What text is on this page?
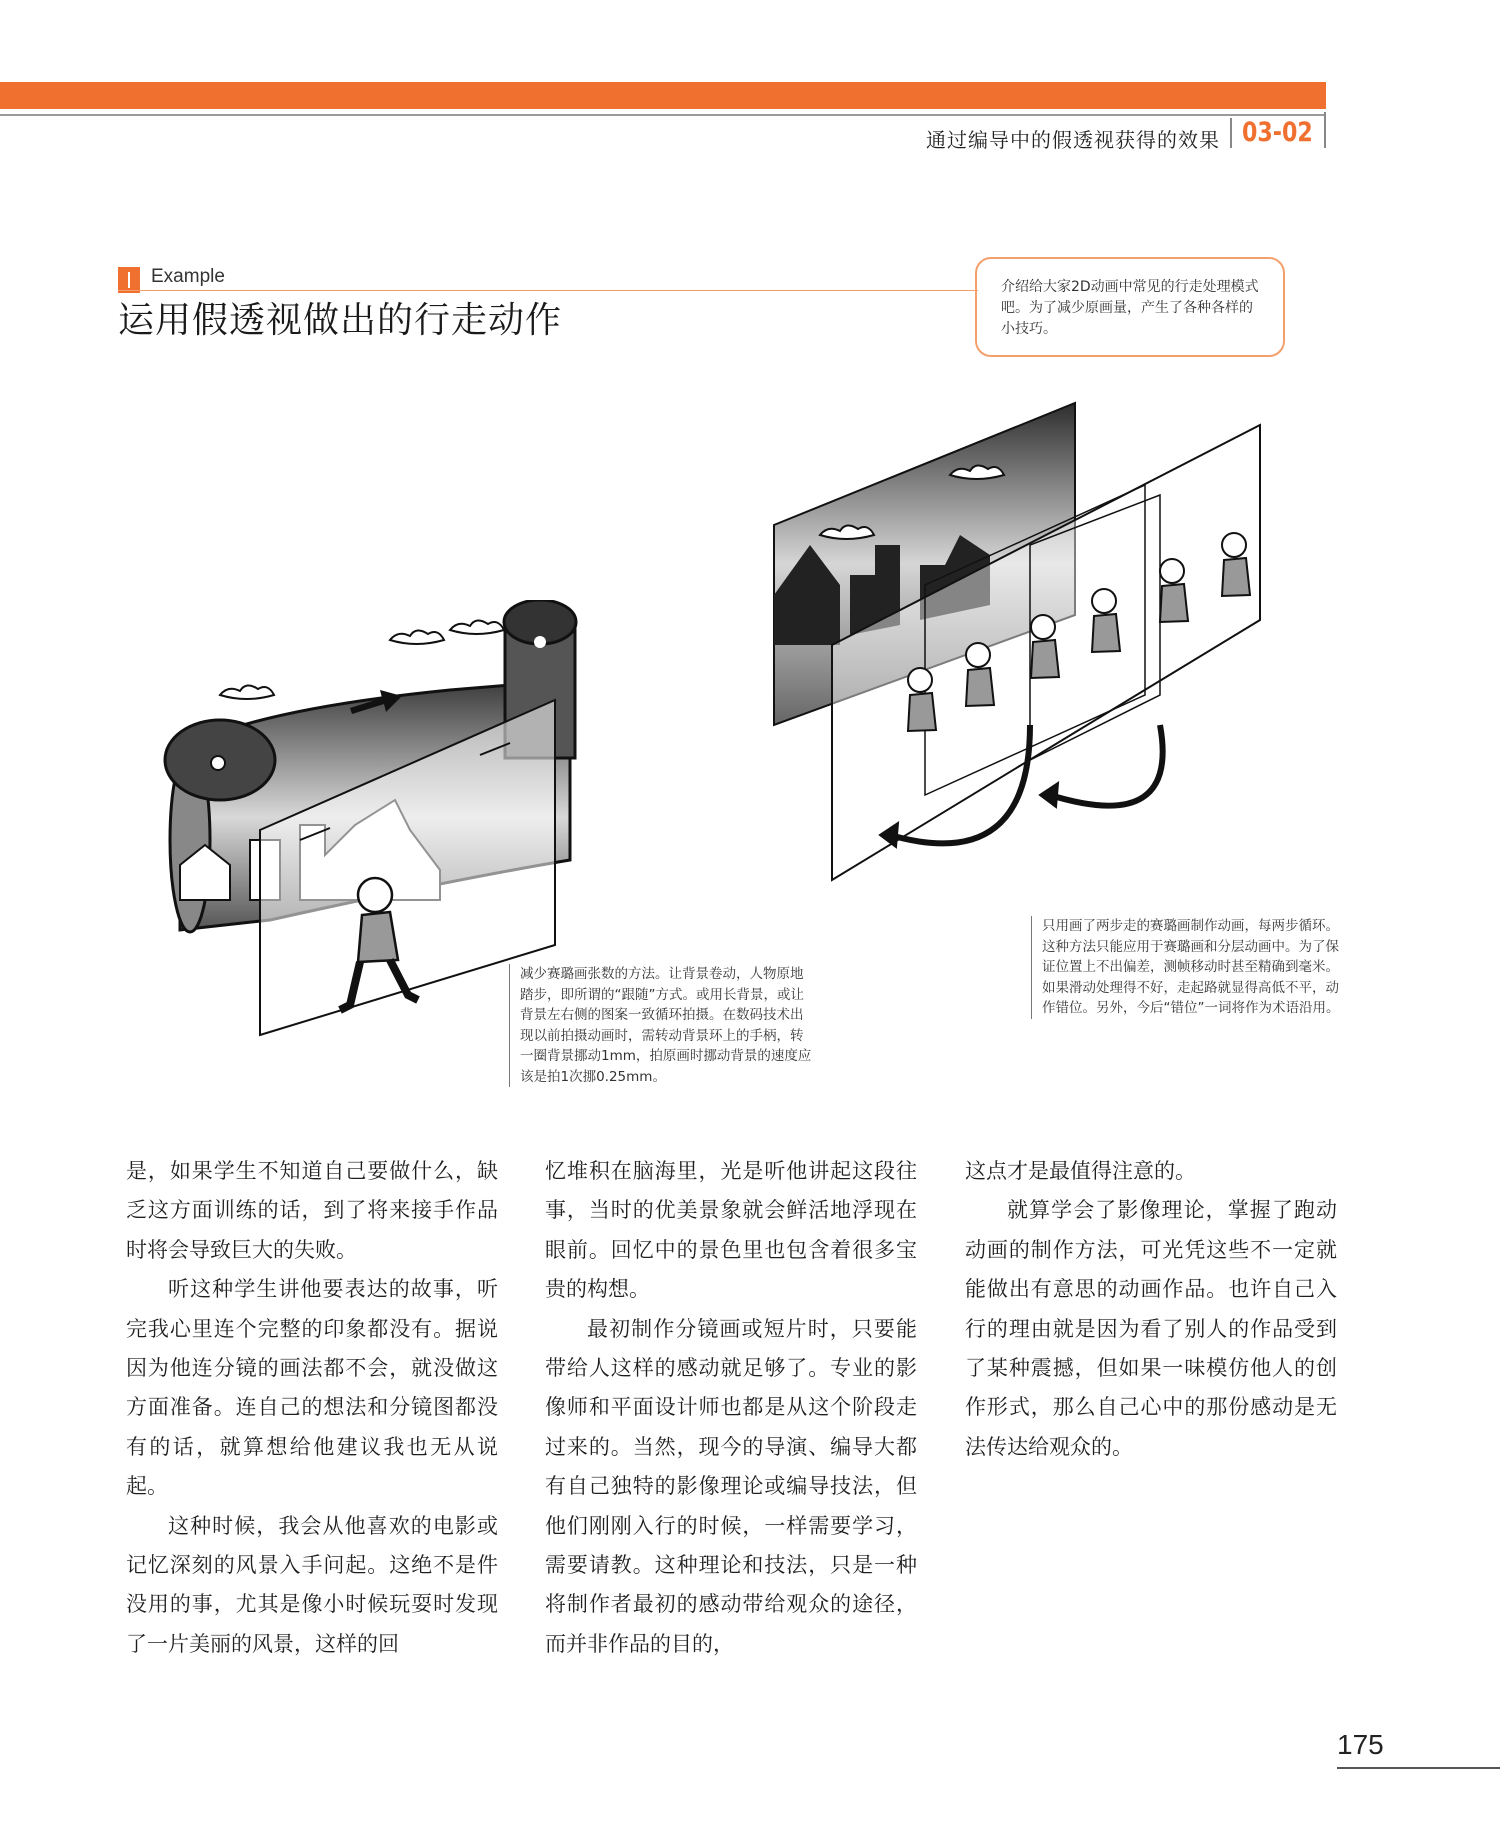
通过编导中的假透视获得的效果 03-02
Example
运用假透视做出的行走动作
介绍给大家2D动画中常见的行走处理模式吧。为了减少原画量，产生了各种各样的小技巧。
减少赛璐画张数的方法。让背景卷动，人物原地踏步，即所谓的“跟随”方式。或用长背景，或让背景左右侧的图案一致循环拍摄。在数码技术出现以前拍摄动画时，需转动背景环上的手柄，转一圈背景挪动1mm，拍原画时挪动背景的速度应该是拍1次挪0.25mm。
只用画了两步走的赛璐画制作动画，每两步循环。这种方法只能应用于赛璐画和分层动画中。为了保证位置上不出偏差，测帧移动时甚至精确到毫米。如果滑动处理得不好，走起路就显得高低不平，动作错位。另外，今后“错位”一词将作为术语沿用。

是，如果学生不知道自己要做什么，缺乏这方面训练的话，到了将来接手作品时将会导致巨大的失败。

听这种学生讲他要表达的故事，听完我心里连个完整的印象都没有。据说因为他连分镜的画法都不会，就没做这方面准备。连自己的想法和分镜图都没有的话，就算想给他建议我也无从说起。

这种时候，我会从他喜欢的电影或记忆深刻的风景入手问起。这绝不是件没用的事，尤其是像小时候玩耍时发现了一片美丽的风景，这样的回

忆堆积在脑海里，光是听他讲起这段往事，当时的优美景象就会鲜活地浮现在眼前。回忆中的景色里也包含着很多宝贵的构想。

最初制作分镜画或短片时，只要能带给人这样的感动就足够了。专业的影像师和平面设计师也都是从这个阶段走过来的。当然，现今的导演、编导大都有自己独特的影像理论或编导技法，但他们刚刚入行的时候，一样需要学习，需要请教。这种理论和技法，只是一种将制作者最初的感动带给观众的途径，而并非作品的目的，

这点才是最值得注意的。

就算学会了影像理论，掌握了跑动动画的制作方法，可光凭这些不一定就能做出有意思的动画作品。也许自己入行的理由就是因为看了别人的作品受到了某种震撼，但如果一味模仿他人的创作形式，那么自己心中的那份感动是无法传达给观众的。

175
